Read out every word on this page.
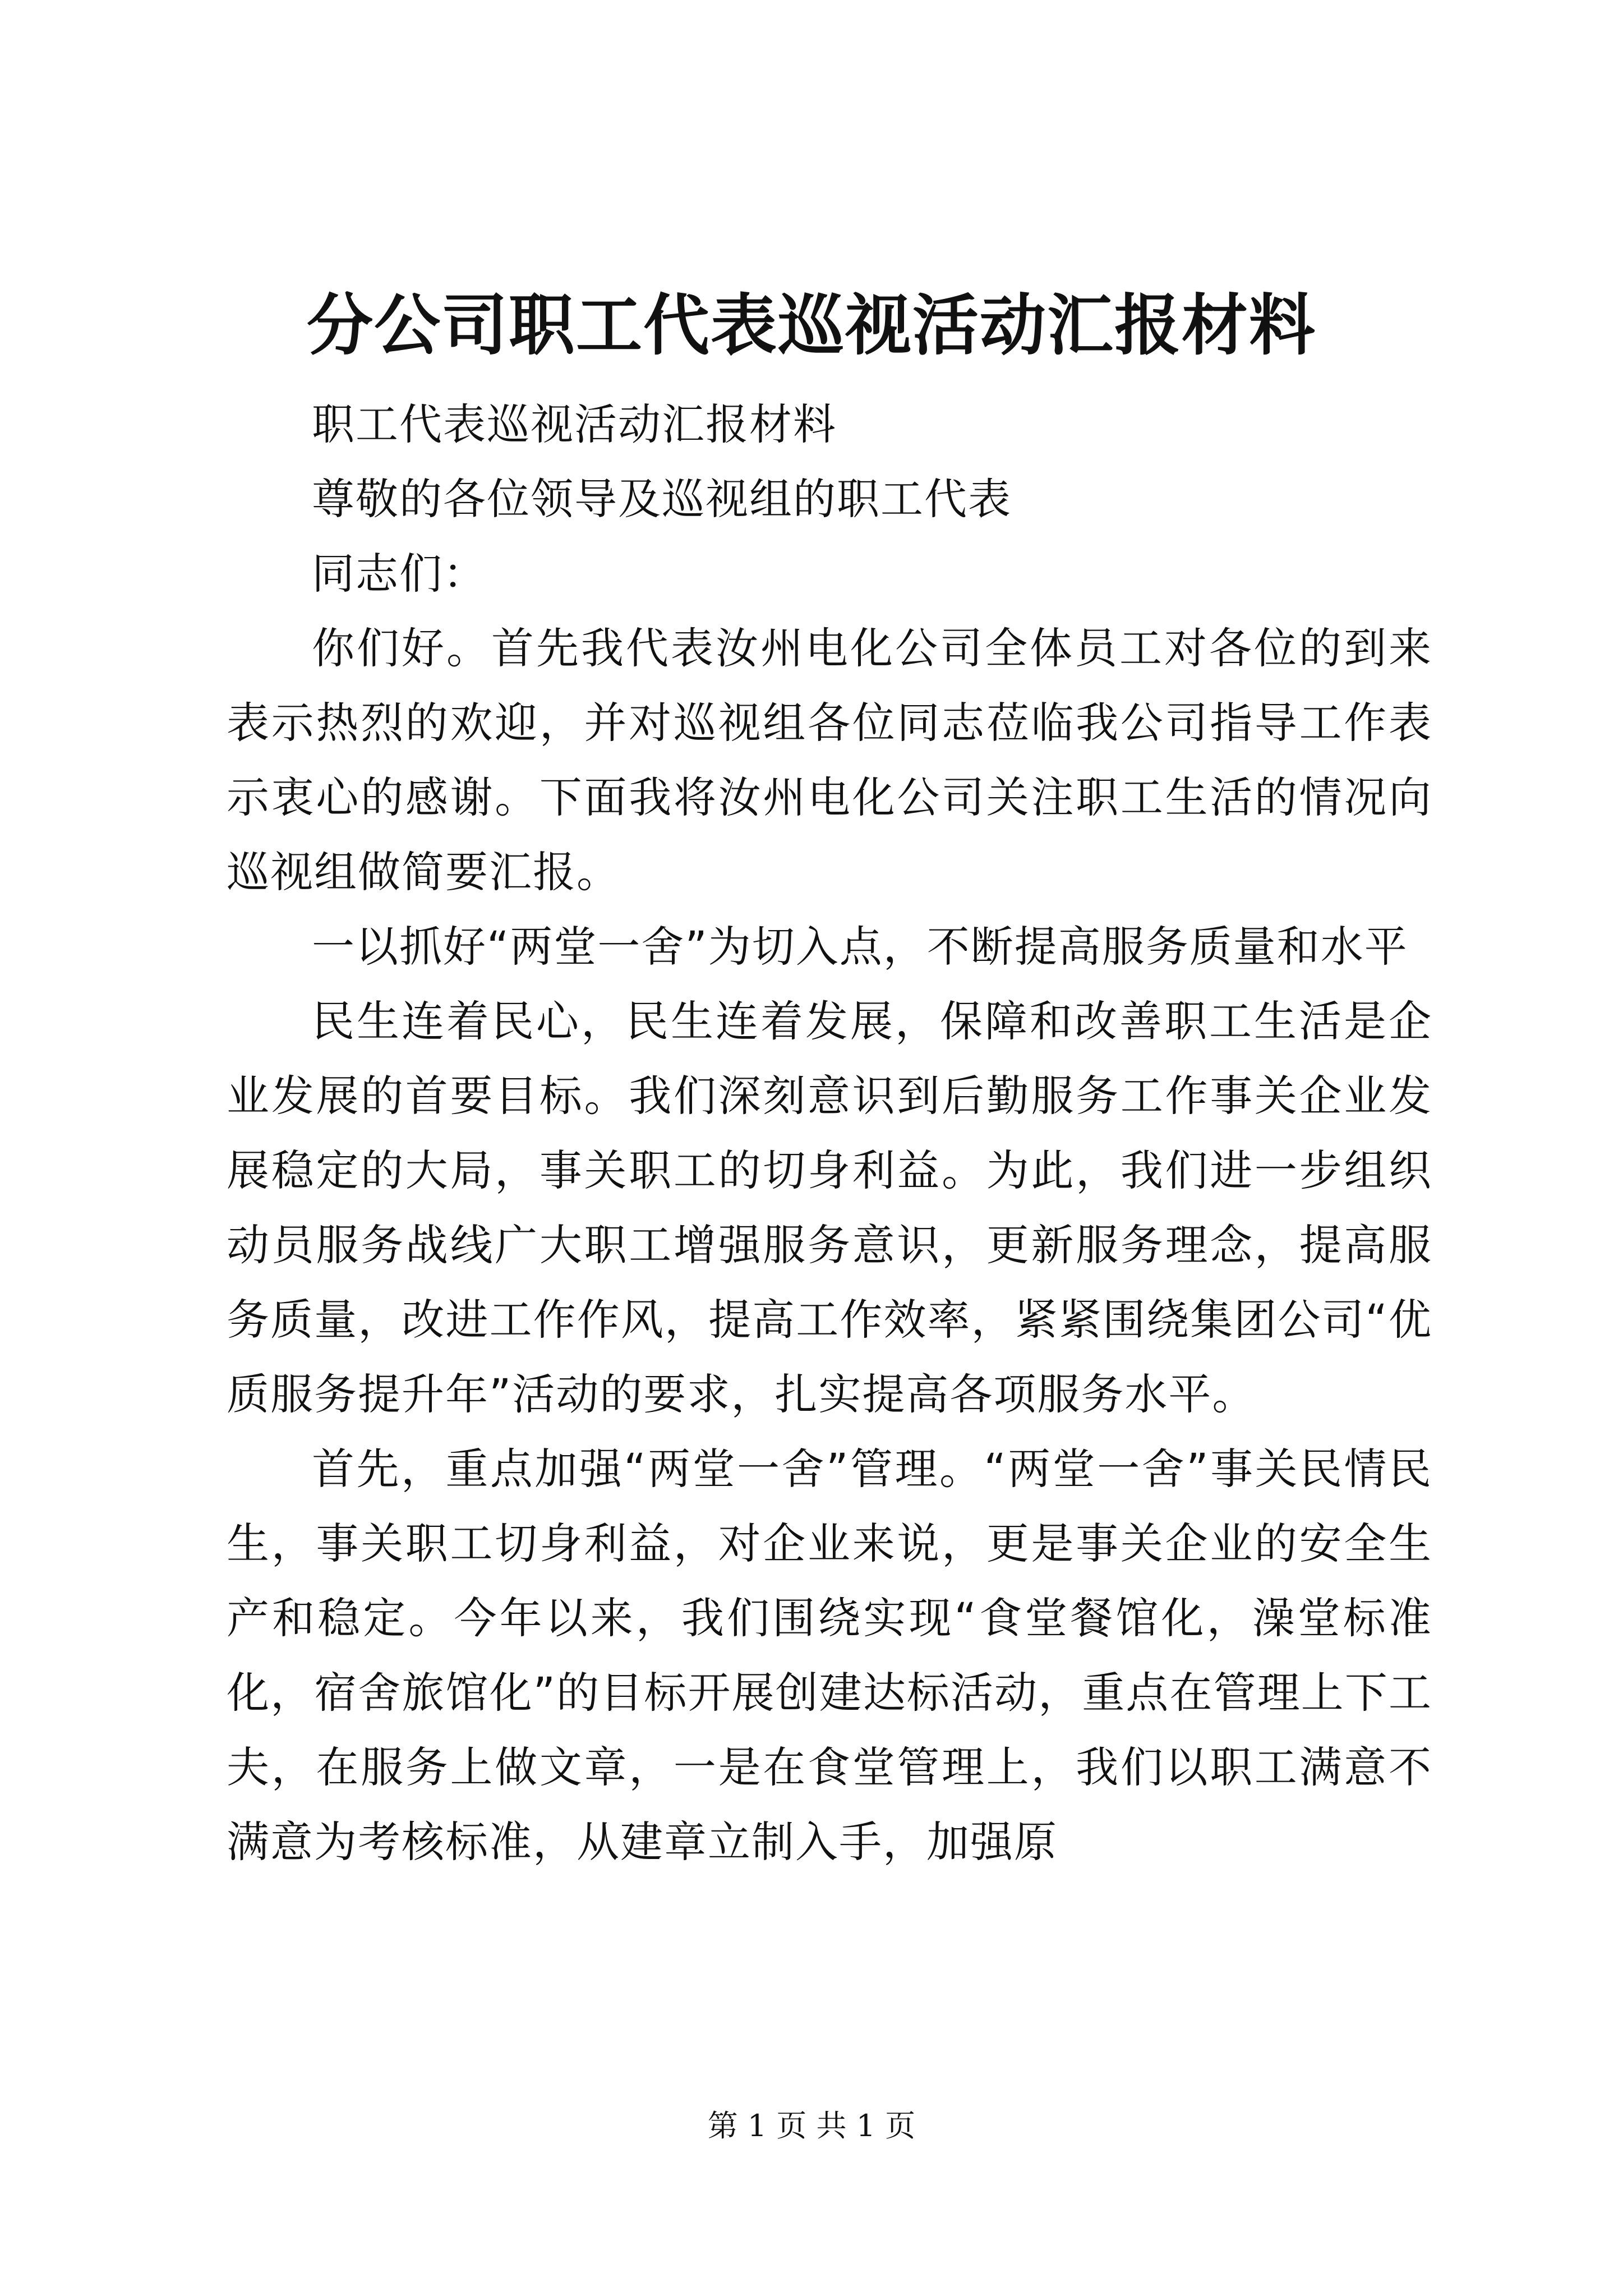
分公司职工代表巡视活动汇报材料

职工代表巡视活动汇报材料

尊敬的各位领导及巡视组的职工代表

同志们：

你们好。首先我代表汝州电化公司全体员工对各位的到来表示热烈的欢迎，并对巡视组各位同志莅临我公司指导工作表示衷心的感谢。下面我将汝州电化公司关注职工生活的情况向巡视组做简要汇报。

一以抓好“两堂一舍”为切入点，不断提高服务质量和水平

民生连着民心，民生连着发展，保障和改善职工生活是企业发展的首要目标。我们深刻意识到后勤服务工作事关企业发展稳定的大局，事关职工的切身利益。为此，我们进一步组织动员服务战线广大职工增强服务意识，更新服务理念，提高服务质量，改进工作作风，提高工作效率，紧紧围绕集团公司“优质服务提升年”活动的要求，扎实提高各项服务水平。

首先，重点加强“两堂一舍”管理。“两堂一舍”事关民情民生，事关职工切身利益，对企业来说，更是事关企业的安全生产和稳定。今年以来，我们围绕实现“食堂餐馆化，澡堂标准化，宿舍旅馆化”的目标开展创建达标活动，重点在管理上下工夫，在服务上做文章，一是在食堂管理上，我们以职工满意不满意为考核标准，从建章立制入手，加强原

第 1 页 共 1 页
